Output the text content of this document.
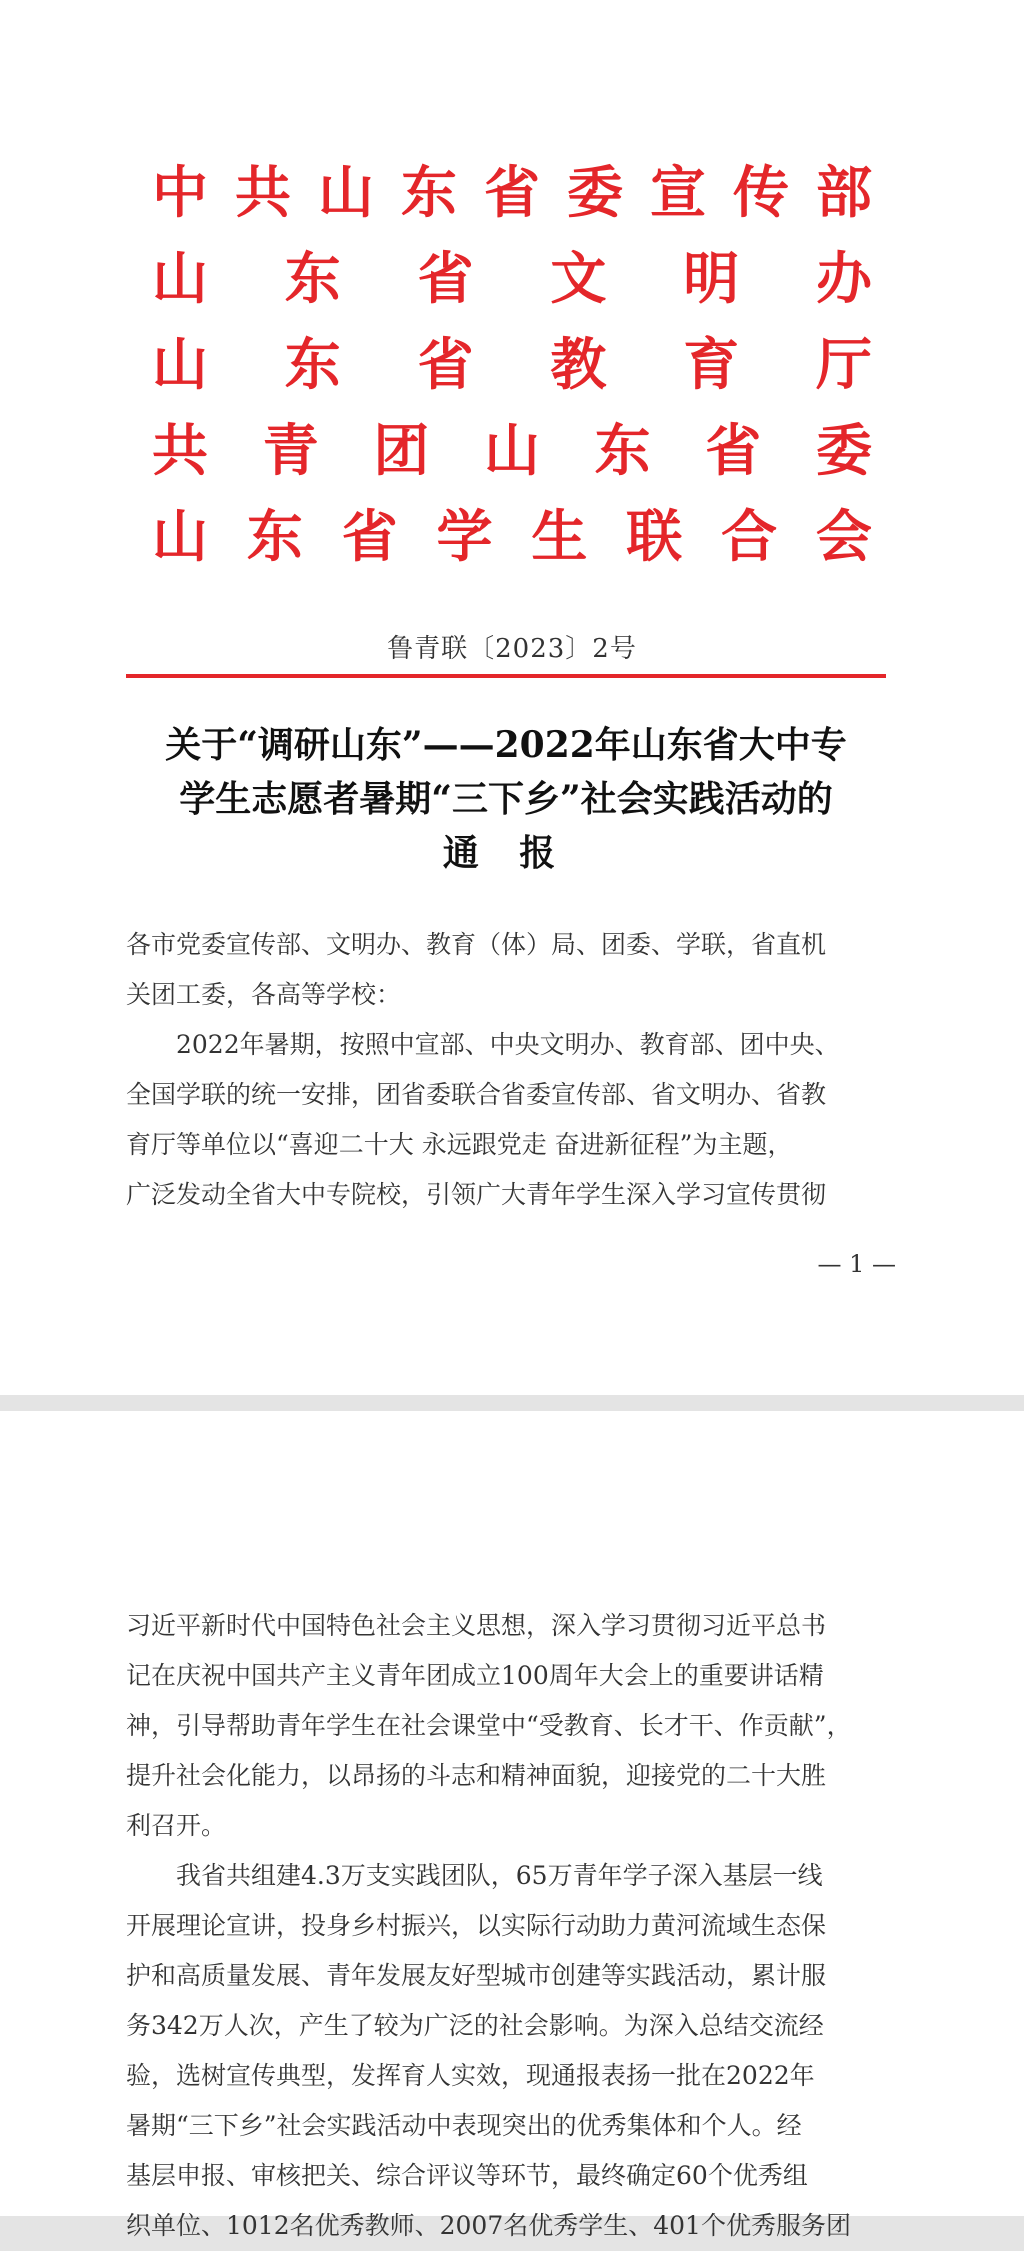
中 共 山 东 省 委 宣 传 部
山 东 省 文 明 办
山 东 省 教 育 厅
共 青 团 山 东 省 委
山 东 省 学 生 联 合 会
鲁青联〔2023〕2号
关于“调研山东”——2022年山东省大中专
学生志愿者暑期“三下乡”社会实践活动的
通 报

各市党委宣传部、文明办、教育（体）局、团委、学联，省直机

关团工委，各高等学校：

2022年暑期，按照中宣部、中央文明办、教育部、团中央、

全国学联的统一安排，团省委联合省委宣传部、省文明办、省教

育厅等单位以“喜迎二十大 永远跟党走 奋进新征程”为主题，

广泛发动全省大中专院校，引领广大青年学生深入学习宣传贯彻

— 1 —

习近平新时代中国特色社会主义思想，深入学习贯彻习近平总书

记在庆祝中国共产主义青年团成立100周年大会上的重要讲话精

神，引导帮助青年学生在社会课堂中“受教育、长才干、作贡献”，

提升社会化能力，以昂扬的斗志和精神面貌，迎接党的二十大胜

利召开。

我省共组建4.3万支实践团队，65万青年学子深入基层一线

开展理论宣讲，投身乡村振兴，以实际行动助力黄河流域生态保

护和高质量发展、青年发展友好型城市创建等实践活动，累计服

务342万人次，产生了较为广泛的社会影响。为深入总结交流经

验，选树宣传典型，发挥育人实效，现通报表扬一批在2022年

暑期“三下乡”社会实践活动中表现突出的优秀集体和个人。经

基层申报、审核把关、综合评议等环节，最终确定60个优秀组

织单位、1012名优秀教师、2007名优秀学生、401个优秀服务团
